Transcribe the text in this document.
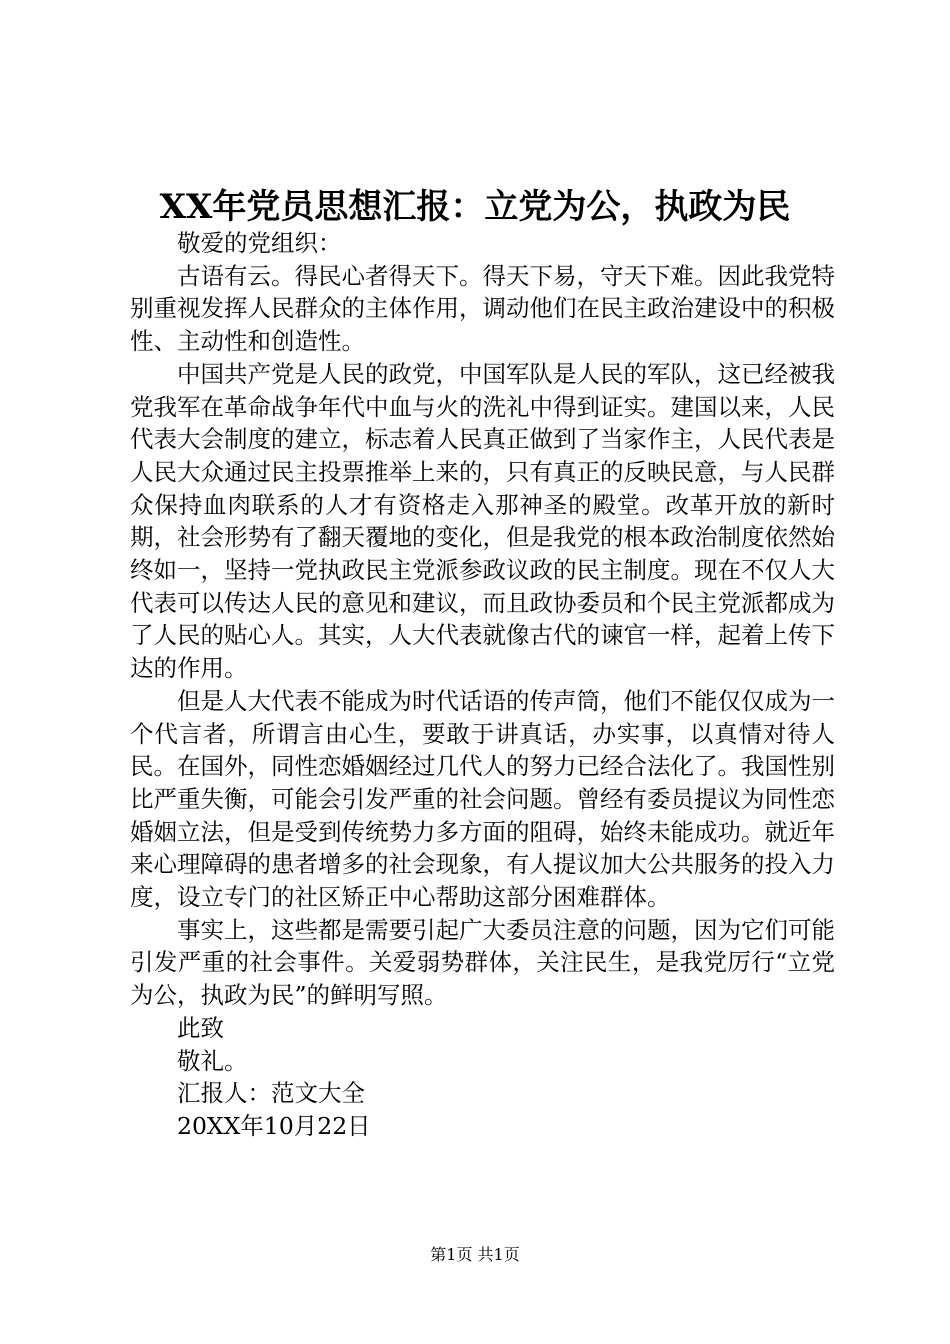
XX年党员思想汇报：立党为公，执政为民
敬爱的党组织：

古语有云。得民心者得天下。得天下易，守天下难。因此我党特别重视发挥人民群众的主体作用，调动他们在民主政治建设中的积极性、主动性和创造性。

中国共产党是人民的政党，中国军队是人民的军队，这已经被我党我军在革命战争年代中血与火的洗礼中得到证实。建国以来，人民代表大会制度的建立，标志着人民真正做到了当家作主，人民代表是人民大众通过民主投票推举上来的，只有真正的反映民意，与人民群众保持血肉联系的人才有资格走入那神圣的殿堂。改革开放的新时期，社会形势有了翻天覆地的变化，但是我党的根本政治制度依然始终如一，坚持一党执政民主党派参政议政的民主制度。现在不仅人大代表可以传达人民的意见和建议，而且政协委员和个民主党派都成为了人民的贴心人。其实，人大代表就像古代的谏官一样，起着上传下达的作用。

但是人大代表不能成为时代话语的传声筒，他们不能仅仅成为一个代言者，所谓言由心生，要敢于讲真话，办实事，以真情对待人民。在国外，同性恋婚姻经过几代人的努力已经合法化了。我国性别比严重失衡，可能会引发严重的社会问题。曾经有委员提议为同性恋婚姻立法，但是受到传统势力多方面的阻碍，始终未能成功。就近年来心理障碍的患者增多的社会现象，有人提议加大公共服务的投入力度，设立专门的社区矫正中心帮助这部分困难群体。

事实上，这些都是需要引起广大委员注意的问题，因为它们可能引发严重的社会事件。关爱弱势群体，关注民生，是我党厉行“立党为公，执政为民”的鲜明写照。

此致
敬礼。
汇报人：范文大全
20XX年10月22日
第1页 共1页
